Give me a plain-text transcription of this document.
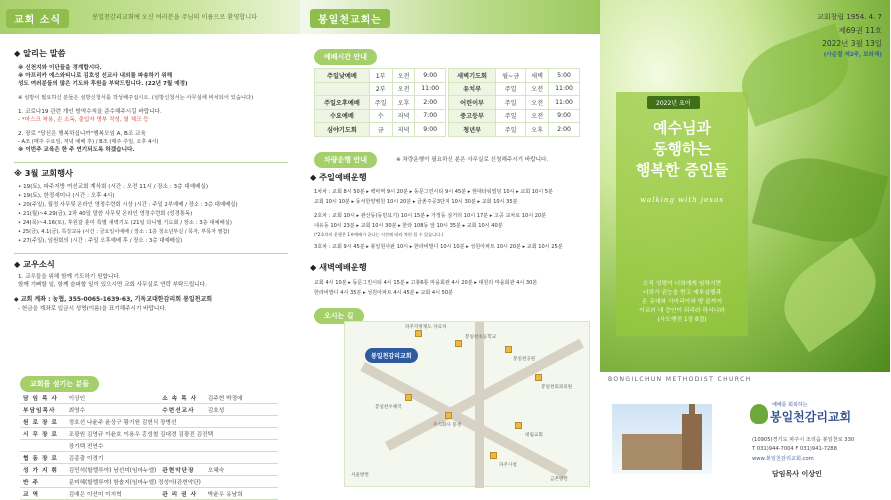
교회 소식	봉일천감리교회에 오신 여러분을 주님의 이름으로 환영합니다
◆ 알리는 말씀
※ 신천지와 이단들을 경계합시다.
※ 아프리카 에스와티니로 김호성 선교사 내외를 파송하기 위해
성도 여러분들의 많은 기도와 후원을 부탁드립니다. (22년 7월 예정)
※ 심방이 필요하신 분들은 심방신청서를 작성해주십시오. (심방신청서는 사무실에 비치되어 있습니다)
1. 코로나19 관련 개인 방역수칙을 준수해주시길 바랍니다.
- *마스크 착용, 손 소독, 출입자 명부 작성, 열 체크 등
2. 장로 "당신은 행복하십니까"행복모임 A, B조 교육
- A조 (매주 수요일, 저녁 예배 후) / B조 (매주 주일, 오후 4시)
※ 이번주 교육은 한 주 연기되도록 하겠습니다.
※ 3월 교회행사
• 19(토), 파주지방 여선교회 계삭회 (시간 : 오전 11시 / 장소 : 3층 대예배실)
• 19(토), 한정세미나 (시간 : 오후 4시)
• 20(주일), 월정 사무및 온라인 영정수련회 시상 (시간 : 주일 2부예배 / 장소 : 3층 대예배실)
• 21(월)~4.29(금), 2차 40일 말씀 사무및 온라인 영정수련회 (성경통독)
• 24(목)~4.16(토), 후원갈 훈미 특별 새벽기도 (21일 다니엘 기도회 / 장소 : 3층 대예배실)
• 25(금), 4.1(금), 특강교육 (시간 : 금요일이예배 / 장소 : 1층 청소년부실 / 목자, 부목자 필참)
• 27(주일), 임원회의 (시간 : 주일 오후예배 후 / 장소 : 3층 대예배실)
◆ 교우소식
1. 교우들을 위해 함께 기도하기 원합니다.
함께 기뻐할 일, 함께 슬퍼할 일이 있으시면 교회 사무실로 연락 부탁드립니다.
◆ 교회 계좌 : 농협, 355-0065-1639-63, 기독교대한감리회 봉일천교회
- 헌금을 계좌로 입금시 성명(이름)을 표기해주시기 바랍니다.
교회를 섬기는 분들
담 임 목 사	이상인	소 속 목 사	김주현 박정애
부담임목사	최영수	수련선교사	김호성
원 로 장 로	정호선 나윤주 윤상구 황기원 김현식 장병선		
시 무 장 로	조광원 김영규 이윤호 이용우 홍성철 김대경 김광진 김진택		
	장기택 전연수		
협 동 장 로	김종출 이경기		
성 가 지 휘	김민석(할렐루야) 남선미(임마누엘)	관현악단장	오혜숙
반 주	문미혜(할렐루야) 함솔지(임마누엘) 정성아(관현악단)		
교 역	김예은 이선미 이지혁	관 리 권 사	박윤우 유남희
봉일천교회는
예배시간 안내
주일낮예배	1부	오전	9:00
	2부	오전	11:00
주일오후예배	주일	오후	2:00
수요예배	수	저녁	7:00
심야기도회	금	저녁	9:00
새벽기도회	월~금	새벽	5:00
유치부	주일	오전	11:00
어린이부	주일	오전	11:00
중고등부	주일	오전	9:00
청년부	주일	오후	2:00
차량운행 안내	※ 차량운행이 필요하신 분은 사무실로 신청해주시기 바랍니다.
◆ 주일예배운행
1차차 : 교회 8시 50분 ▸ 백마역 9시 20분 ▸ 동문그린시티 9시 45분 ▸ 현대타워빌딩 10시 ▸ 교회 10시 5분
교회 10시 10분 ▸ 동서한양병원 10시 20분 ▸ 금촌주공3단지 10시 30분 ▸ 교회 10시 35분
2호차 : 교회 10시 ▸ 관산동(동민요기) 10시 15분 ▸ 가정동 삼거리 10시 17분 ▸ 고공 교차로 10시 20분
내유동 10시 23분 ▸ 교회 10시 30분 ▸ 한라 108동 앞 10시 35분 ▸ 교회 10시 40분
(*2호차의 운행은 1부예배가 끝나는 시간에 따라 차편 될 수 있습니다.)
3호차 : 교회 9시 45분 ▸ 봉일원사판 10시 ▸ 한라비발디 10시 10분 ▸ 성원아파트 10시 20분 ▸ 교회 10시 25분
◆ 새벽예배운행
교회 4시 10분 ▸ 동문그린시티 4시 15분 ▸ 고봉6통 마을회관 4시 20분 ▸ 대원리 마을회관 4시 30분
한라비발디 4시 35분 ▸ 성원아파트 4시 45분 ▸ 교회 4시 50분
오시는 길
봉일천감리교회
파주지방제도 자료처
봉일천초등학교
봉일천공원
봉일천우체국
봉일천외과의원
주식회사 풍생
대림교회
파주시청
서울방면
금촌방면
2022년 표어
예수님과
동행하는
행복한 증인들
walking with jesus
오직 성령이 너희에게 임하시면
너희가 권능을 받고 예루살렘과
온 유대와 사마리아와 땅 끝까지
이르러 내 증인이 되리라 하시니라
(사도행전 1장 8절)
교회창립 1954. 4. 7
제69권 11호
2022년 3월 13일
(사순절 제2주, 보라색)
BONGILCHUN METHODIST CHURCH
예배를 회복하는
봉일천감리교회
(10905)경기도 파주시 조리읍 봉일천로 330
T 031)944-7004 F 031)941-7288
www.봉일천감리교회.com
담임목사 이상인
